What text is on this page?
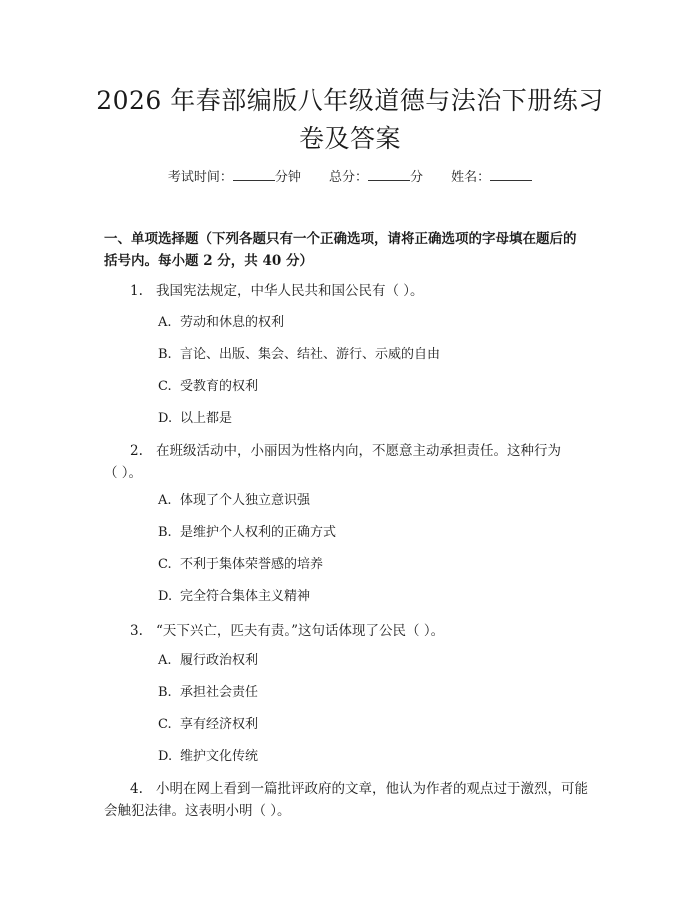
2026 年春部编版八年级道德与法治下册练习
卷及答案
考试时间：	分钟 总分：	分 姓名：
一、单项选择题（下列各题只有一个正确选项，请将正确选项的字母填在题后的
括号内。每小题 2 分，共 40 分）
1. 我国宪法规定，中华人民共和国公民有（ ）。
A. 劳动和休息的权利
B. 言论、出版、集会、结社、游行、示威的自由
C. 受教育的权利
D. 以上都是
2. 在班级活动中，小丽因为性格内向，不愿意主动承担责任。这种行为
（ ）。
A. 体现了个人独立意识强
B. 是维护个人权利的正确方式
C. 不利于集体荣誉感的培养
D. 完全符合集体主义精神
3. “天下兴亡，匹夫有责。”这句话体现了公民（ ）。
A. 履行政治权利
B. 承担社会责任
C. 享有经济权利
D. 维护文化传统
4. 小明在网上看到一篇批评政府的文章，他认为作者的观点过于激烈，可能
会触犯法律。这表明小明（ ）。
